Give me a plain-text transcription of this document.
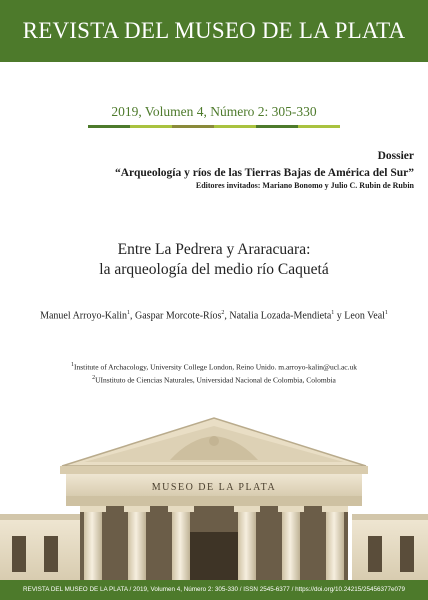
REVISTA DEL MUSEO DE LA PLATA
2019, Volumen 4, Número 2: 305-330
Dossier
“Arqueología y ríos de las Tierras Bajas de América del Sur”
Editores invitados: Mariano Bonomo y Julio C. Rubin de Rubin
Entre La Pedrera y Araracuara:
la arqueología del medio río Caquetá
Manuel Arroyo-Kalin$^1$, Gaspar Morcote-Ríos$^2$, Natalia Lozada-Mendieta$^1$ y Leon Veal$^1$
$^1$Institute of Archacology, University College London, Reino Unido. m.arroyo-kalin@ucl.ac.uk
$^2$UInstituto de Ciencias Naturales, Universidad Nacional de Colombia, Colombia
MUSEO DE LA PLATA
REVISTA DEL MUSEO DE LA PLATA / 2019, Volumen 4, Número 2: 305-330 / ISSN 2545-6377 / https://doi.org/10.24215/25456377e079
